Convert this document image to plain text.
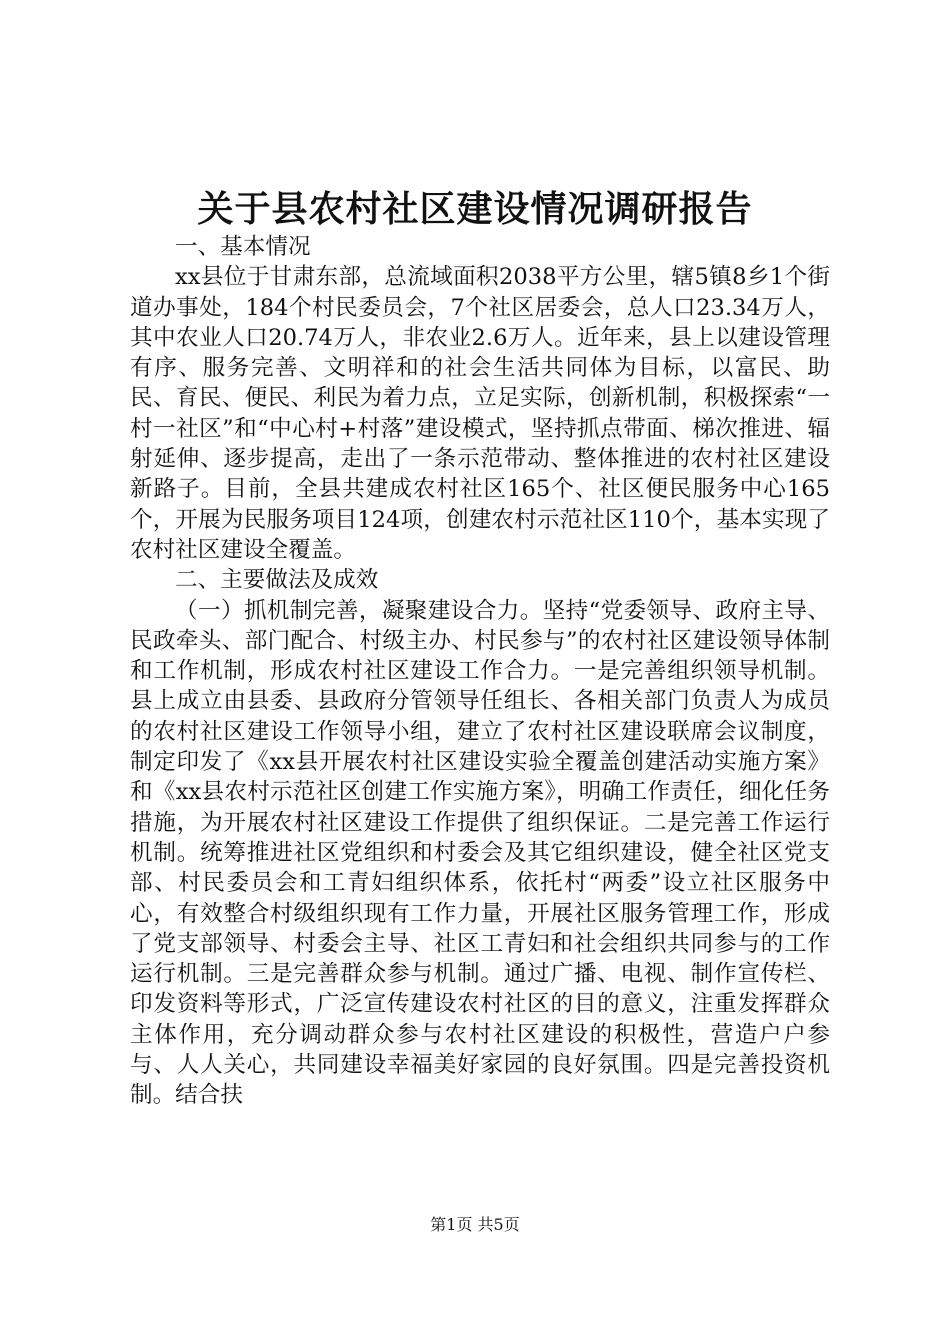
关于县农村社区建设情况调研报告

一、基本情况

xx县位于甘肃东部，总流域面积2038平方公里，辖5镇8乡1个街道办事处，184个村民委员会，7个社区居委会，总人口23.34万人，其中农业人口20.74万人，非农业2.6万人。近年来，县上以建设管理有序、服务完善、文明祥和的社会生活共同体为目标，以富民、助民、育民、便民、利民为着力点，立足实际，创新机制，积极探索“一村一社区”和“中心村+村落”建设模式，坚持抓点带面、梯次推进、辐射延伸、逐步提高，走出了一条示范带动、整体推进的农村社区建设新路子。目前，全县共建成农村社区165个、社区便民服务中心165个，开展为民服务项目124项，创建农村示范社区110个，基本实现了农村社区建设全覆盖。

二、主要做法及成效

（一）抓机制完善，凝聚建设合力。坚持“党委领导、政府主导、民政牵头、部门配合、村级主办、村民参与”的农村社区建设领导体制和工作机制，形成农村社区建设工作合力。一是完善组织领导机制。县上成立由县委、县政府分管领导任组长、各相关部门负责人为成员的农村社区建设工作领导小组，建立了农村社区建设联席会议制度，制定印发了《xx县开展农村社区建设实验全覆盖创建活动实施方案》和《xx县农村示范社区创建工作实施方案》，明确工作责任，细化任务措施，为开展农村社区建设工作提供了组织保证。二是完善工作运行机制。统筹推进社区党组织和村委会及其它组织建设，健全社区党支部、村民委员会和工青妇组织体系，依托村“两委”设立社区服务中心，有效整合村级组织现有工作力量，开展社区服务管理工作，形成了党支部领导、村委会主导、社区工青妇和社会组织共同参与的工作运行机制。三是完善群众参与机制。通过广播、电视、制作宣传栏、印发资料等形式，广泛宣传建设农村社区的目的意义，注重发挥群众主体作用，充分调动群众参与农村社区建设的积极性，营造户户参与、人人关心，共同建设幸福美好家园的良好氛围。四是完善投资机制。结合扶

第1页 共5页
